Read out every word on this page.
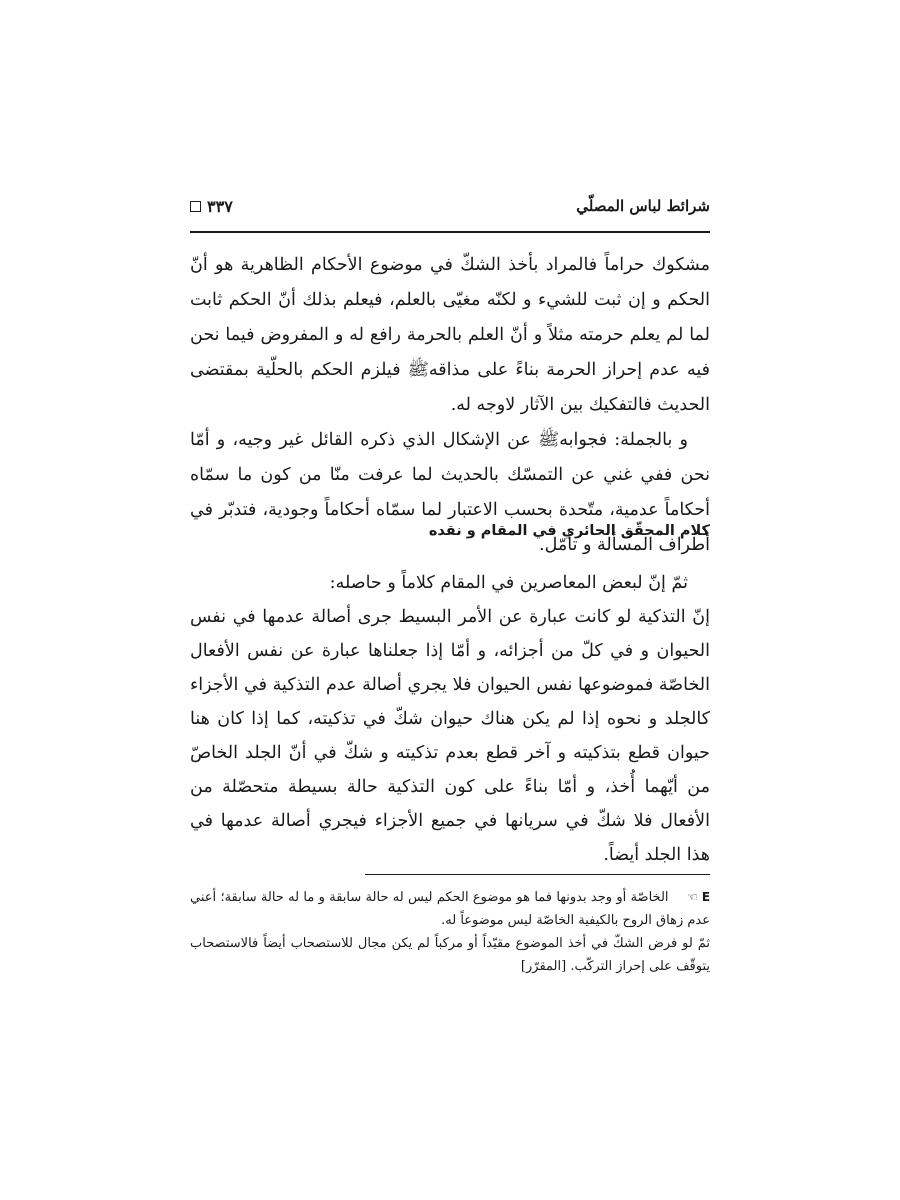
٣٣٧	شرائط لباس المصلّي

مشكوك حراماً فالمراد بأخذ الشكّ في موضوع الأحكام الظاهرية هو أنّ الحكم و إن ثبت للشيء و لكنّه مغيّى بالعلم، فيعلم بذلك أنّ الحكم ثابت لما لم يعلم حرمته مثلاً و أنّ العلم بالحرمة رافع له و المفروض فيما نحن فيه عدم إحراز الحرمة بناءً على مذاقه‌ﷺ فيلزم الحكم بالحلّية بمقتضى الحديث فالتفكيك بين الآثار لاوجه له.

و بالجملة: فجوابه‌ﷺ عن الإشكال الذي ذكره القائل غير وجيه، و أمّا نحن ففي غني عن التمسّك بالحديث لما عرفت منّا من كون ما سمّاه أحكاماً عدمية، متّحدة بحسب الاعتبار لما سمّاه أحكاماً وجودية، فتدبّر في أطراف المسألة و تأمّل.

كلام المحقّق الحائري في المقام و نقده

ثمّ إنّ لبعض المعاصرين في المقام كلاماً و حاصله:

إنّ التذكية لو كانت عبارة عن الأمر البسيط جرى أصالة عدمها في نفس الحيوان و في كلّ من أجزائه، و أمّا إذا جعلناها عبارة عن نفس الأفعال الخاصّة فموضوعها نفس الحيوان فلا يجري أصالة عدم التذكية في الأجزاء كالجلد و نحوه إذا لم يكن هناك حيوان شكّ في تذكيته، كما إذا كان هنا حيوان قطع بتذكيته و آخر قطع بعدم تذكيته و شكّ في أنّ الجلد الخاصّ من أيّهما أُخذ، و أمّا بناءً على كون التذكية حالة بسيطة متحصّلة من الأفعال فلا شكّ في سريانها في جميع الأجزاء فيجري أصالة عدمها في هذا الجلد أيضاً.

E ☜ الخاصّة أو وجد بدونها فما هو موضوع الحكم ليس له حالة سابقة و ما له حالة سابقة؛ أعني عدم زهاق الروح بالكيفية الخاصّة ليس موضوعاً له.

ثمّ لو فرض الشكّ في أخذ الموضوع مقيّداً أو مركباً لم يكن مجال للاستصحاب أيضاً فالاستصحاب يتوقّف على إحراز التركّب. [المقرّر]
